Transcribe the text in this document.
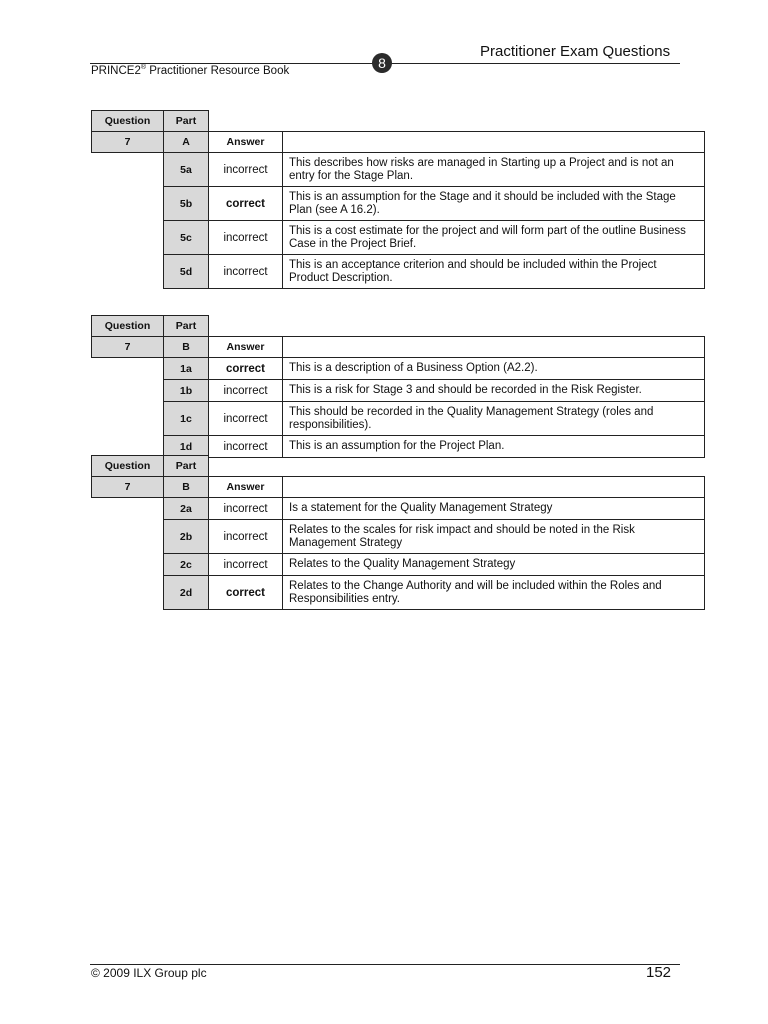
Practitioner Exam Questions
8
PRINCE2® Practitioner Resource Book
Question	Part		
7	A	Answer	
	5a	incorrect	This describes how risks are managed in Starting up a Project and is not an entry for the Stage Plan.
	5b	correct	This is an assumption for the Stage and it should be included with the Stage Plan (see A 16.2).
	5c	incorrect	This is a cost estimate for the project and will form part of the outline Business Case in the Project Brief.
	5d	incorrect	This is an acceptance criterion and should be included within the Project Product Description.
Question	Part		
7	B	Answer	
	1a	correct	This is a description of a Business Option (A2.2).
	1b	incorrect	This is a risk for Stage 3 and should be recorded in the Risk Register.
	1c	incorrect	This should be recorded in the Quality Management Strategy (roles and responsibilities).
	1d	incorrect	This is an assumption for the Project Plan.
Question	Part		
7	B	Answer	
	2a	incorrect	Is a statement for the Quality Management Strategy
	2b	incorrect	Relates to the scales for risk impact and should be noted in the Risk Management Strategy
	2c	incorrect	Relates to the Quality Management Strategy
	2d	correct	Relates to the Change Authority and will be included within the Roles and Responsibilities entry.
© 2009 ILX Group plc	152
